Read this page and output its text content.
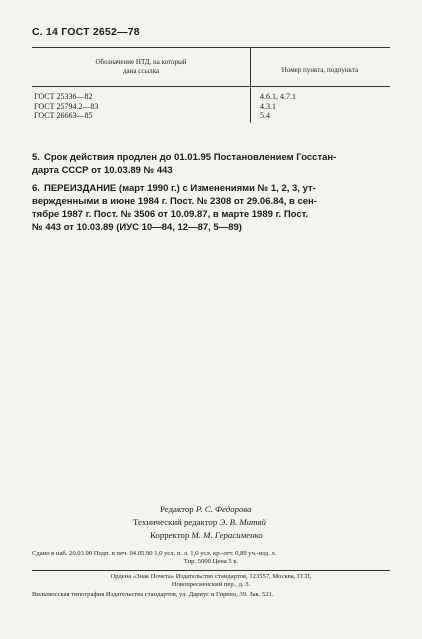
С. 14 ГОСТ 2652—78
Обозначение НТД, на который
дана ссылка	Номер пункта, подпункта
ГОСТ 25336—82
ГОСТ 25794.2—83
ГОСТ 26663—85
4.6.1, 4.7.1
4.3.1
5.4
5. Срок действия продлен до 01.01.95 Постановлением Госстан-
дарта СССР от 10.03.89 № 443
6. ПЕРЕИЗДАНИЕ (март 1990 г.) с Изменениями № 1, 2, 3, ут-
вержденными в июне 1984 г. Пост. № 2308 от 29.06.84, в сен-
тябре 1987 г. Пост. № 3506 от 10.09.87, в марте 1989 г. Пост.
№ 443 от 10.03.89 (ИУС 10—84, 12—87, 5—89)
Редактор Р. С. Федорова
Технический редактор Э. В. Митяй
Корректор М. М. Герасименко
Сдано в наб. 20.03.90 Подп. в печ. 04.05.90 1,0 усл. п. л. 1,0 усл. кр.-отт. 0,89 уч.-изд. л.
Тир. 5000 Цена 5 к.
Ордена «Знак Почета» Издательство стандартов, 123557, Москва, ГСП,
Новопресненский пер., д. 3.
Вильнюсская типография Издательства стандартов, ул. Дариус и Гирено, 39. Зак. 521.
